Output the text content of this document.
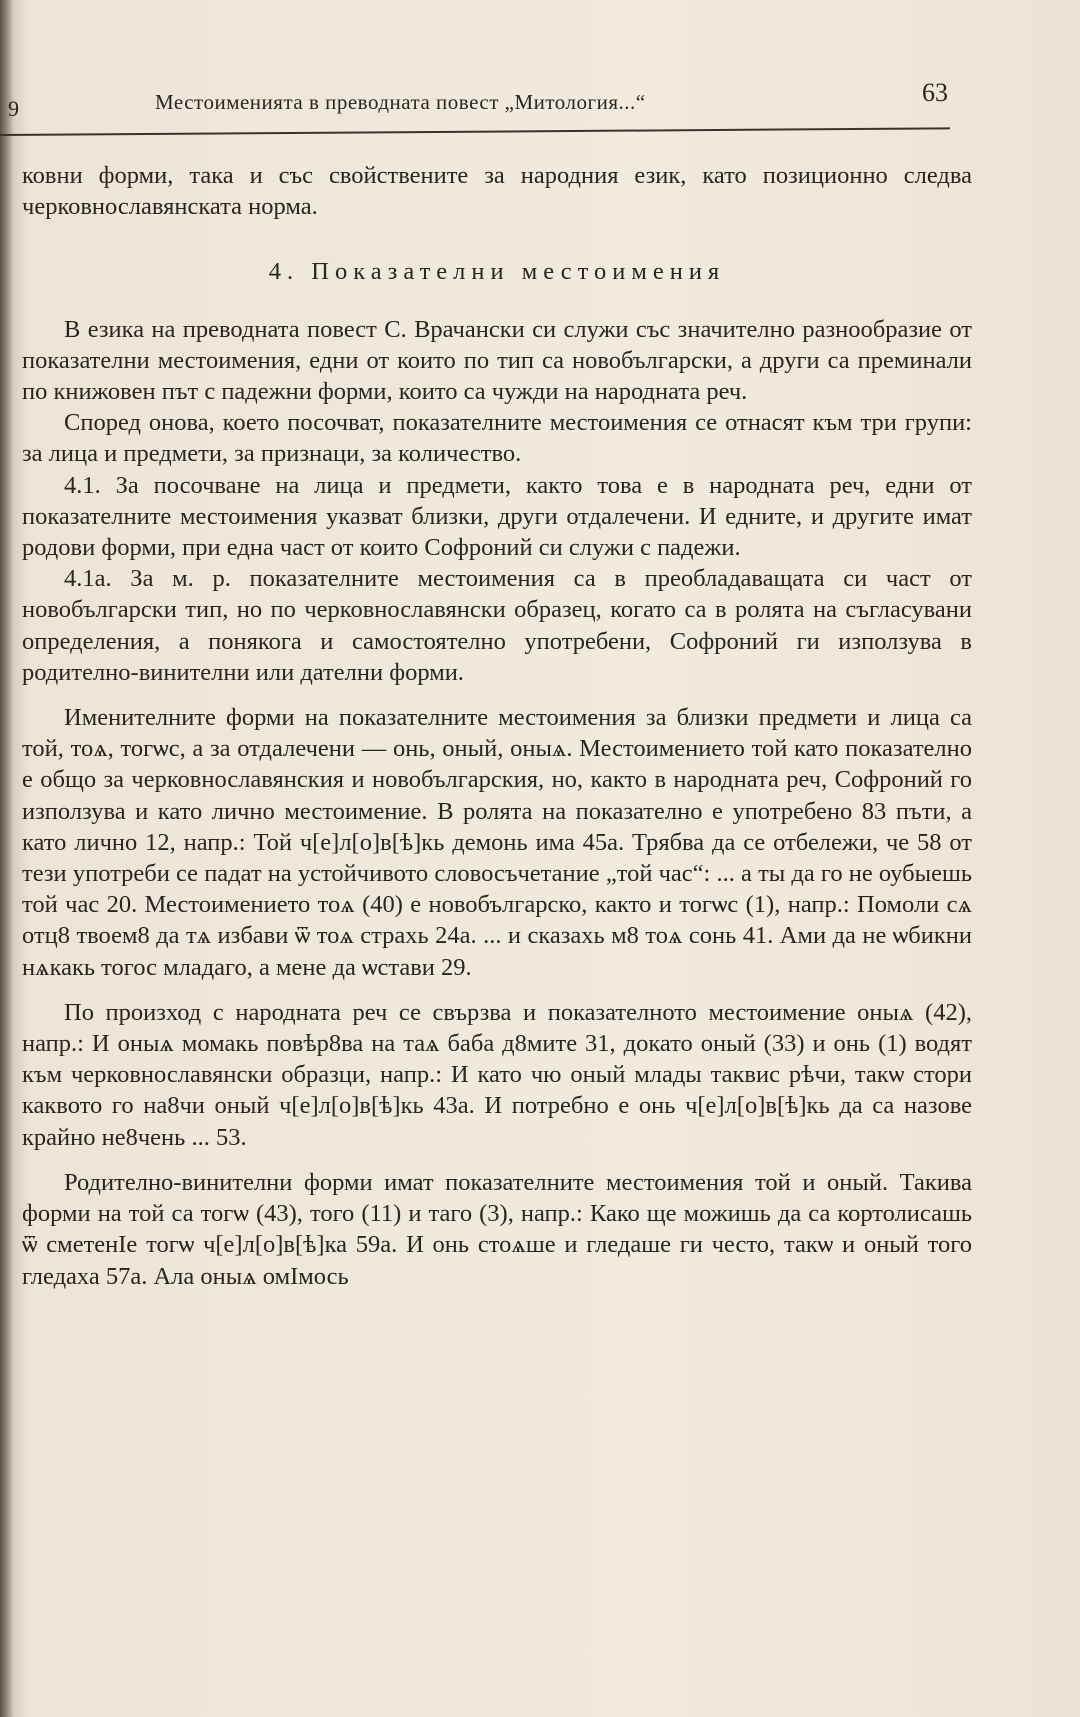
9	Местоименията в преводната повест „Митология...“	63

ковни форми, така и със свойствените за народния език, като позиционно следва черковнославянската норма.

4. Показателни местоимения

В езика на преводната повест С. Врачански си служи със значително разнообразие от показателни местоимения, едни от които по тип са новобългарски, а други са преминали по книжовен път с падежни форми, които са чужди на народната реч.

Според онова, което посочват, показателните местоимения се отнасят към три групи: за лица и предмети, за признаци, за количество.

4.1. За посочване на лица и предмети, както това е в народната реч, едни от показателните местоимения указват близки, други отдалечени. И едните, и другите имат родови форми, при една част от които Софроний си служи с падежи.

4.1а. За м. р. показателните местоимения са в преобладаващата си част от новобългарски тип, но по черковнославянски образец, когато са в ролята на съгласувани определения, а понякога и самостоятелно употребени, Софроний ги използува в родително-винителни или дателни форми.

Именителните форми на показателните местоимения за близки предмети и лица са той, тоѧ, тогѡс, а за отдалечени — онь, оный, оныѧ. Местоимението той като показателно е общо за черковнославянския и новобългарския, но, както в народната реч, Софроний го използува и като лично местоимение. В ролята на показателно е употребено 83 пъти, а като лично 12, напр.: Той ч[е]л[о]в[ѣ]кь демонь има 45а. Трябва да се отбележи, че 58 от тези употреби се падат на устойчивото словосъчетание „той час“: ... а ты да го не оубыешь той час 20. Местоимението тоѧ (40) е новобългарско, както и тогѡс (1), напр.: Помоли сѧ отц8 твоем8 да тѧ избави ѿ тоѧ страхь 24а. ... и сказахь м8 тоѧ сонь 41. Ами да не ѡбикни нѧкакь тогос младаго, а мене да ѡстави 29.

По произход с народната реч се свързва и показателното местоимение оныѧ (42), напр.: И оныѧ момакь повѣр8ва на таѧ баба д8мите 31, докато оный (33) и онь (1) водят към черковнославянски образци, напр.: И като чю оный млады таквис рѣчи, такѡ стори каквото го на8чи оный ч[е]л[о]в[ѣ]кь 43а. И потребно е онь ч[е]л[о]в[ѣ]кь да са назове крайно не8чень ... 53.

Родително-винителни форми имат показателните местоимения той и оный. Такива форми на той са тогѡ (43), того (11) и таго (3), напр.: Како ще можишь да са кортолисашь ѿ сметенIе тогѡ ч[е]л[о]в[ѣ]ка 59а. И онь стоѧше и гледаше ги често, такѡ и оный того гледаха 57а. Ала оныѧ омIмось
